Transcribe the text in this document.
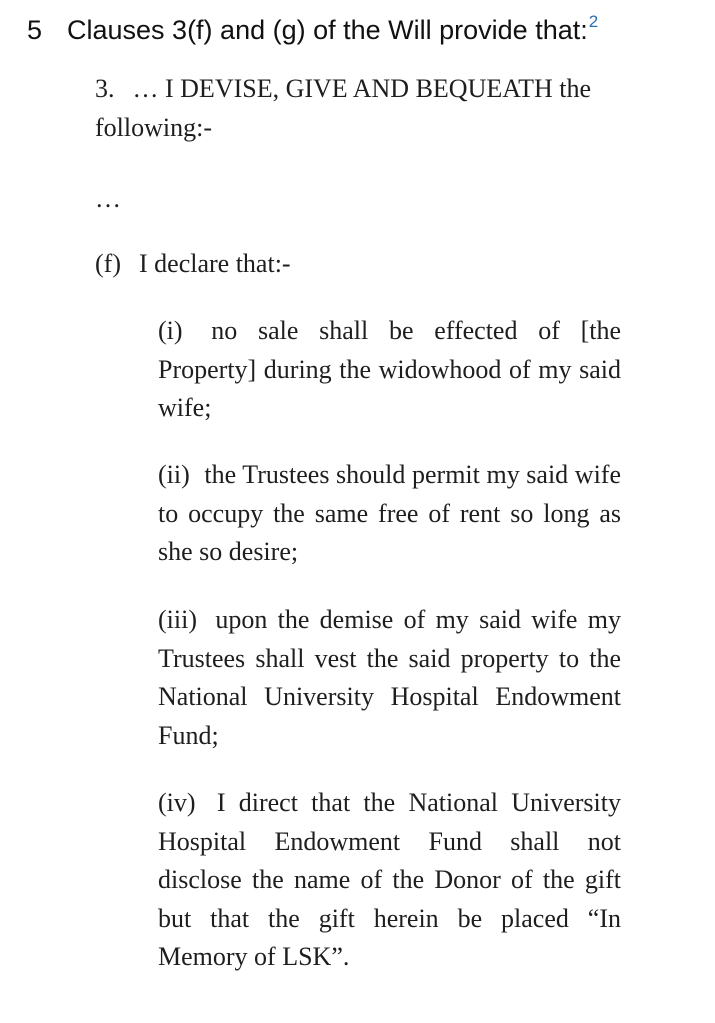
5 Clauses 3(f) and (g) of the Will provide that:$^2$
3. … I DEVISE, GIVE AND BEQUEATH the following:-
…
(f) I declare that:-

(i) no sale shall be effected of [the Property] during the widowhood of my said wife;

(ii) the Trustees should permit my said wife to occupy the same free of rent so long as she so desire;

(iii) upon the demise of my said wife my Trustees shall vest the said property to the National University Hospital Endowment Fund;

(iv) I direct that the National University Hospital Endowment Fund shall not disclose the name of the Donor of the gift but that the gift herein be placed “In Memory of LSK”.
